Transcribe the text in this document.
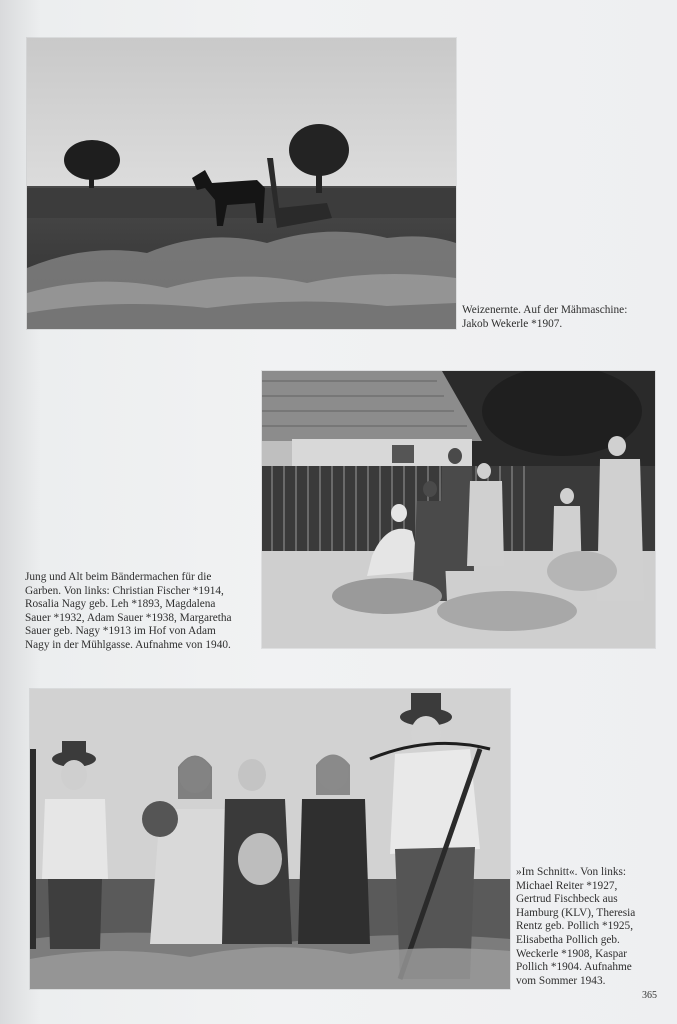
Weizenernte. Auf der Mähmaschine:
Jakob Wekerle *1907.

Jung und Alt beim Bändermachen für die
Garben. Von links: Christian Fischer *1914,
Rosalia Nagy geb. Leh *1893, Magdalena
Sauer *1932, Adam Sauer *1938, Margaretha
Sauer geb. Nagy *1913 im Hof von Adam
Nagy in der Mühlgasse. Aufnahme von 1940.

»Im Schnitt«. Von links:
Michael Reiter *1927,
Gertrud Fischbeck aus
Hamburg (KLV), Theresia
Rentz geb. Pollich *1925,
Elisabetha Pollich geb.
Weckerle *1908, Kaspar
Pollich *1904. Aufnahme
vom Sommer 1943.

365
